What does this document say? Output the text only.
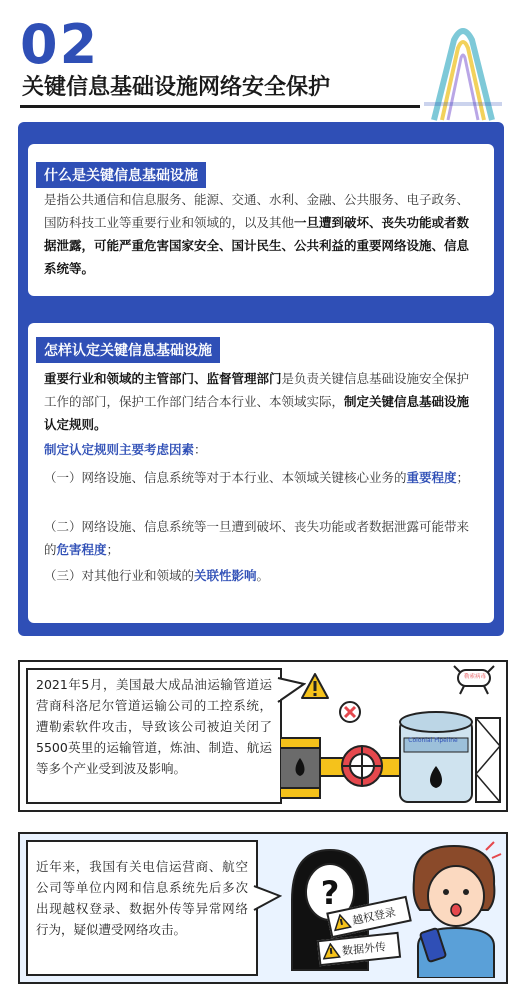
02
关键信息基础设施网络安全保护
什么是关键信息基础设施
是指公共通信和信息服务、能源、交通、水利、金融、公共服务、电子政务、国防科技工业等重要行业和领域的，以及其他一旦遭到破坏、丧失功能或者数据泄露，可能严重危害国家安全、国计民生、公共利益的重要网络设施、信息系统等。
怎样认定关键信息基础设施
重要行业和领域的主管部门、监督管理部门是负责关键信息基础设施安全保护工作的部门，保护工作部门结合本行业、本领域实际，制定关键信息基础设施认定规则。
制定认定规则主要考虑因素：
（一）网络设施、信息系统等对于本行业、本领域关键核心业务的重要程度；
（二）网络设施、信息系统等一旦遭到破坏、丧失功能或者数据泄露可能带来的危害程度；
（三）对其他行业和领域的关联性影响。
2021年5月，美国最大成品油运输管道运营商科洛尼尔管道运输公司的工控系统，遭勒索软件攻击，导致该公司被迫关闭了5500英里的运输管道，炼油、制造、航运等多个产业受到波及影响。
Colonial Pipeline
勒索病毒
近年来，我国有关电信运营商、航空公司等单位内网和信息系统先后多次出现越权登录、数据外传等异常网络行为，疑似遭受网络攻击。
?
越权登录
数据外传
